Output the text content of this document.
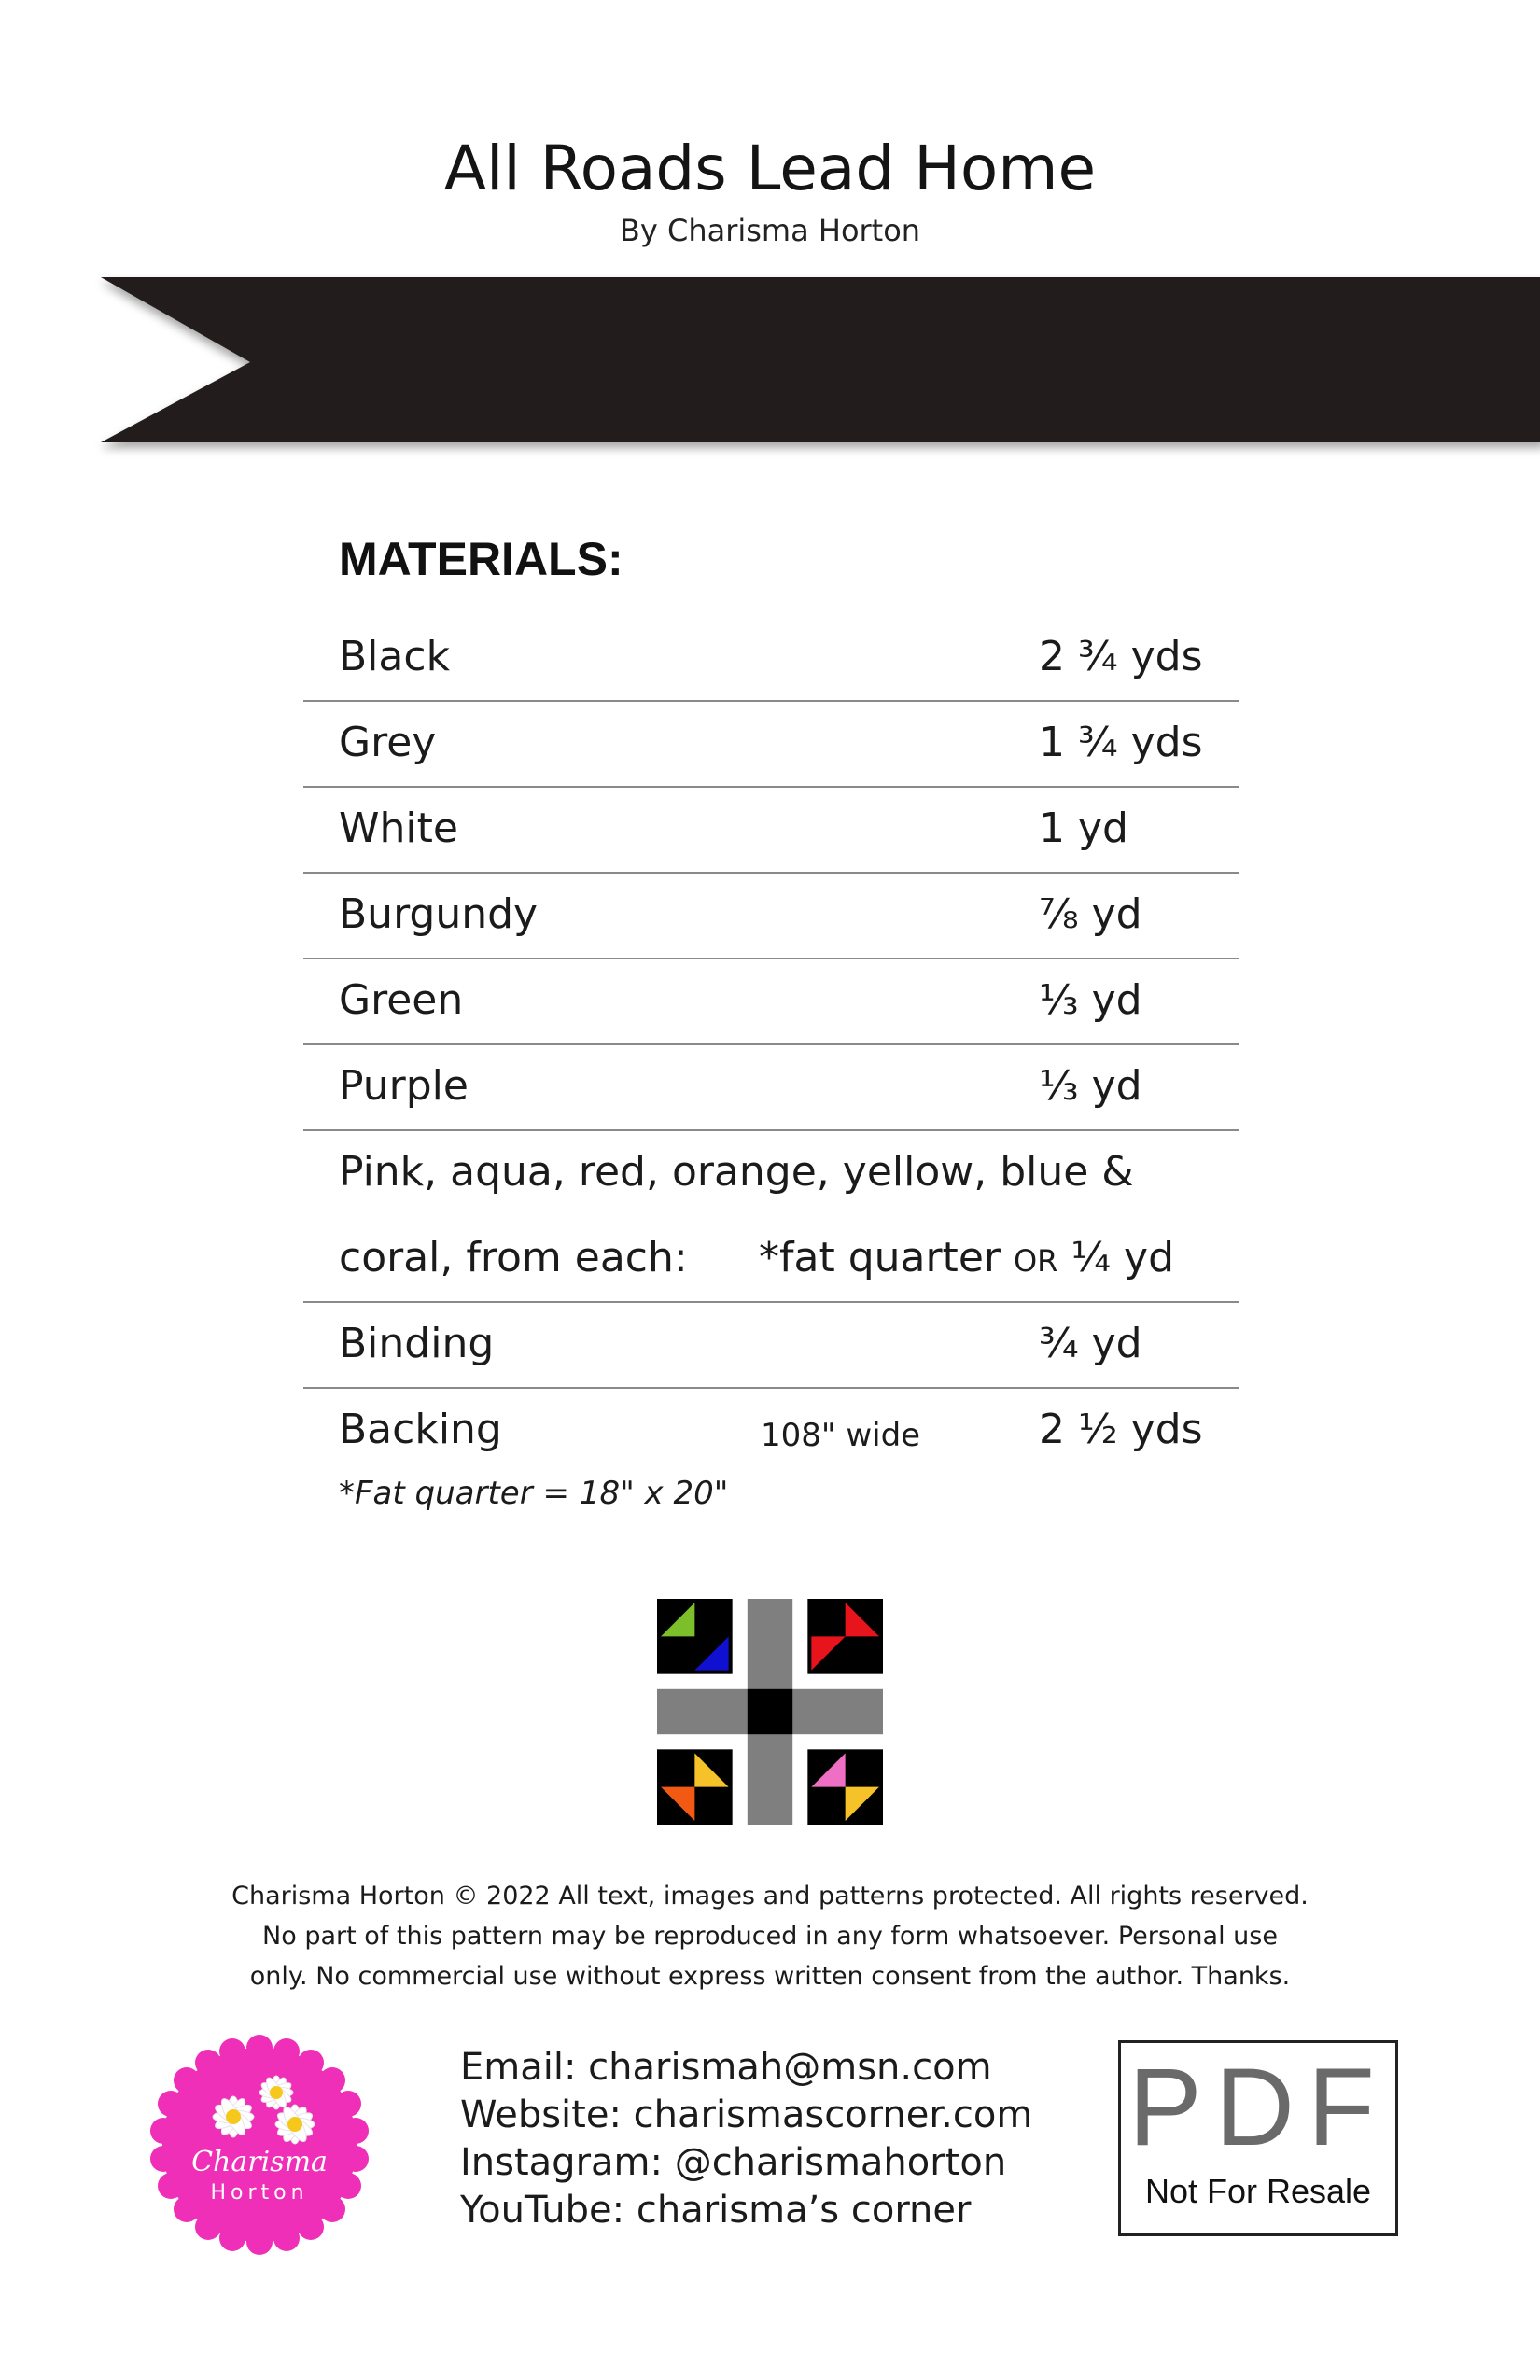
All Roads Lead Home
By Charisma Horton
MATERIALS:
Black	2 ¾ yds
Grey	1 ¾ yds
White	1 yd
Burgundy	⅞ yd
Green	⅓ yd
Purple	⅓ yd
Pink, aqua, red, orange, yellow, blue &
coral, from each: *fat quarter OR ¼ yd
Binding	¾ yd
Backing	108" wide	2 ½ yds
*Fat quarter = 18" x 20"
Charisma Horton © 2022 All text, images and patterns protected. All rights reserved.
No part of this pattern may be reproduced in any form whatsoever. Personal use
only. No commercial use without express written consent from the author. Thanks.
Charisma
Horton
Email: charismah@msn.com
Website: charismascorner.com
Instagram: @charismahorton
YouTube: charisma’s corner
PDF
Not For Resale
